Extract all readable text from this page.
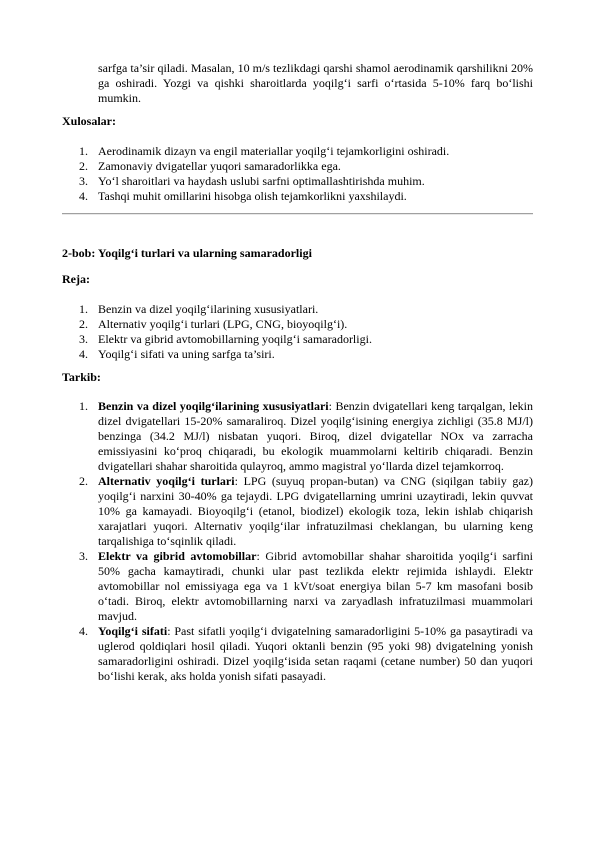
sarfga ta’sir qiladi. Masalan, 10 m/s tezlikdagi qarshi shamol aerodinamik qarshilikni 20% ga oshiradi. Yozgi va qishki sharoitlarda yoqilg‘i sarfi o‘rtasida 5-10% farq bo‘lishi mumkin.
Xulosalar:
1. Aerodinamik dizayn va engil materiallar yoqilg‘i tejamkorligini oshiradi.
2. Zamonaviy dvigatellar yuqori samaradorlikka ega.
3. Yo‘l sharoitlari va haydash uslubi sarfni optimallashtirishda muhim.
4. Tashqi muhit omillarini hisobga olish tejamkorlikni yaxshilaydi.
2-bob: Yoqilg‘i turlari va ularning samaradorligi
Reja:
1. Benzin va dizel yoqilg‘ilarining xususiyatlari.
2. Alternativ yoqilg‘i turlari (LPG, CNG, bioyoqilg‘i).
3. Elektr va gibrid avtomobillarning yoqilg‘i samaradorligi.
4. Yoqilg‘i sifati va uning sarfga ta’siri.
Tarkib:
1. Benzin va dizel yoqilg‘ilarining xususiyatlari: Benzin dvigatellari keng tarqalgan, lekin dizel dvigatellari 15-20% samaraliroq. Dizel yoqilg‘isining energiya zichligi (35.8 MJ/l) benzinga (34.2 MJ/l) nisbatan yuqori. Biroq, dizel dvigatellar NOx va zarracha emissiyasini ko‘proq chiqaradi, bu ekologik muammolarni keltirib chiqaradi. Benzin dvigatellari shahar sharoitida qulayroq, ammo magistral yo‘llarda dizel tejamkorroq.
2. Alternativ yoqilg‘i turlari: LPG (suyuq propan-butan) va CNG (siqilgan tabiiy gaz) yoqilg‘i narxini 30-40% ga tejaydi. LPG dvigatellarning umrini uzaytiradi, lekin quvvat 10% ga kamayadi. Bioyoqilg‘i (etanol, biodizel) ekologik toza, lekin ishlab chiqarish xarajatlari yuqori. Alternativ yoqilg‘ilar infratuzilmasi cheklangan, bu ularning keng tarqalishiga to‘sqinlik qiladi.
3. Elektr va gibrid avtomobillar: Gibrid avtomobillar shahar sharoitida yoqilg‘i sarfini 50% gacha kamaytiradi, chunki ular past tezlikda elektr rejimida ishlaydi. Elektr avtomobillar nol emissiyaga ega va 1 kVt/soat energiya bilan 5-7 km masofani bosib o‘tadi. Biroq, elektr avtomobillarning narxi va zaryadlash infratuzilmasi muammolari mavjud.
4. Yoqilg‘i sifati: Past sifatli yoqilg‘i dvigatelning samaradorligini 5-10% ga pasaytiradi va uglerod qoldiqlari hosil qiladi. Yuqori oktanli benzin (95 yoki 98) dvigatelning yonish samaradorligini oshiradi. Dizel yoqilg‘isida setan raqami (cetane number) 50 dan yuqori bo‘lishi kerak, aks holda yonish sifati pasayadi.
